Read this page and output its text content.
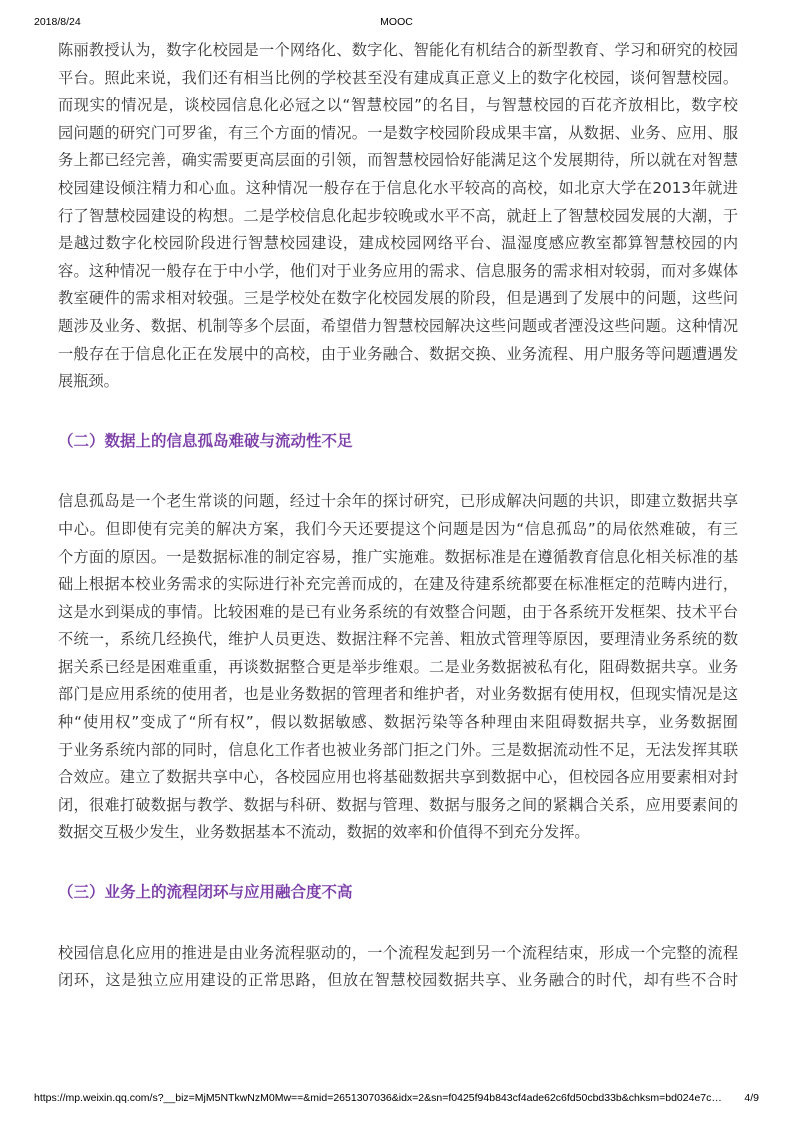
2018/8/24	MOOC
陈丽教授认为，数字化校园是一个网络化、数字化、智能化有机结合的新型教育、学习和研究的校园
平台。照此来说，我们还有相当比例的学校甚至没有建成真正意义上的数字化校园，谈何智慧校园。
而现实的情况是，谈校园信息化必冠之以“智慧校园”的名目，与智慧校园的百花齐放相比，数字校
园问题的研究门可罗雀，有三个方面的情况。一是数字校园阶段成果丰富，从数据、业务、应用、服
务上都已经完善，确实需要更高层面的引领，而智慧校园恰好能满足这个发展期待，所以就在对智慧
校园建设倾注精力和心血。这种情况一般存在于信息化水平较高的高校，如北京大学在2013年就进
行了智慧校园建设的构想。二是学校信息化起步较晚或水平不高，就赶上了智慧校园发展的大潮，于
是越过数字化校园阶段进行智慧校园建设，建成校园网络平台、温湿度感应教室都算智慧校园的内
容。这种情况一般存在于中小学，他们对于业务应用的需求、信息服务的需求相对较弱，而对多媒体
教室硬件的需求相对较强。三是学校处在数字化校园发展的阶段，但是遇到了发展中的问题，这些问
题涉及业务、数据、机制等多个层面，希望借力智慧校园解决这些问题或者湮没这些问题。这种情况
一般存在于信息化正在发展中的高校，由于业务融合、数据交换、业务流程、用户服务等问题遭遇发
展瓶颈。
（二）数据上的信息孤岛难破与流动性不足
信息孤岛是一个老生常谈的问题，经过十余年的探讨研究，已形成解决问题的共识，即建立数据共享
中心。但即使有完美的解决方案，我们今天还要提这个问题是因为“信息孤岛”的局依然难破，有三
个方面的原因。一是数据标准的制定容易，推广实施难。数据标准是在遵循教育信息化相关标准的基
础上根据本校业务需求的实际进行补充完善而成的，在建及待建系统都要在标准框定的范畴内进行，
这是水到渠成的事情。比较困难的是已有业务系统的有效整合问题，由于各系统开发框架、技术平台
不统一，系统几经换代，维护人员更迭、数据注释不完善、粗放式管理等原因，要理清业务系统的数
据关系已经是困难重重，再谈数据整合更是举步维艰。二是业务数据被私有化，阻碍数据共享。业务
部门是应用系统的使用者，也是业务数据的管理者和维护者，对业务数据有使用权，但现实情况是这
种“使用权”变成了“所有权”，假以数据敏感、数据污染等各种理由来阻碍数据共享，业务数据囿
于业务系统内部的同时，信息化工作者也被业务部门拒之门外。三是数据流动性不足，无法发挥其联
合效应。建立了数据共享中心，各校园应用也将基础数据共享到数据中心，但校园各应用要素相对封
闭，很难打破数据与教学、数据与科研、数据与管理、数据与服务之间的紧耦合关系，应用要素间的
数据交互极少发生，业务数据基本不流动，数据的效率和价值得不到充分发挥。
（三）业务上的流程闭环与应用融合度不高
校园信息化应用的推进是由业务流程驱动的，一个流程发起到另一个流程结束，形成一个完整的流程
闭环，这是独立应用建设的正常思路，但放在智慧校园数据共享、业务融合的时代，却有些不合时
https://mp.weixin.qq.com/s?__biz=MjM5NTkwNzM0Mw==&mid=2651307036&idx=2&sn=f0425f94b843cf4ade62c6fd50cbd33b&chksm=bd024e7c… 4/9
